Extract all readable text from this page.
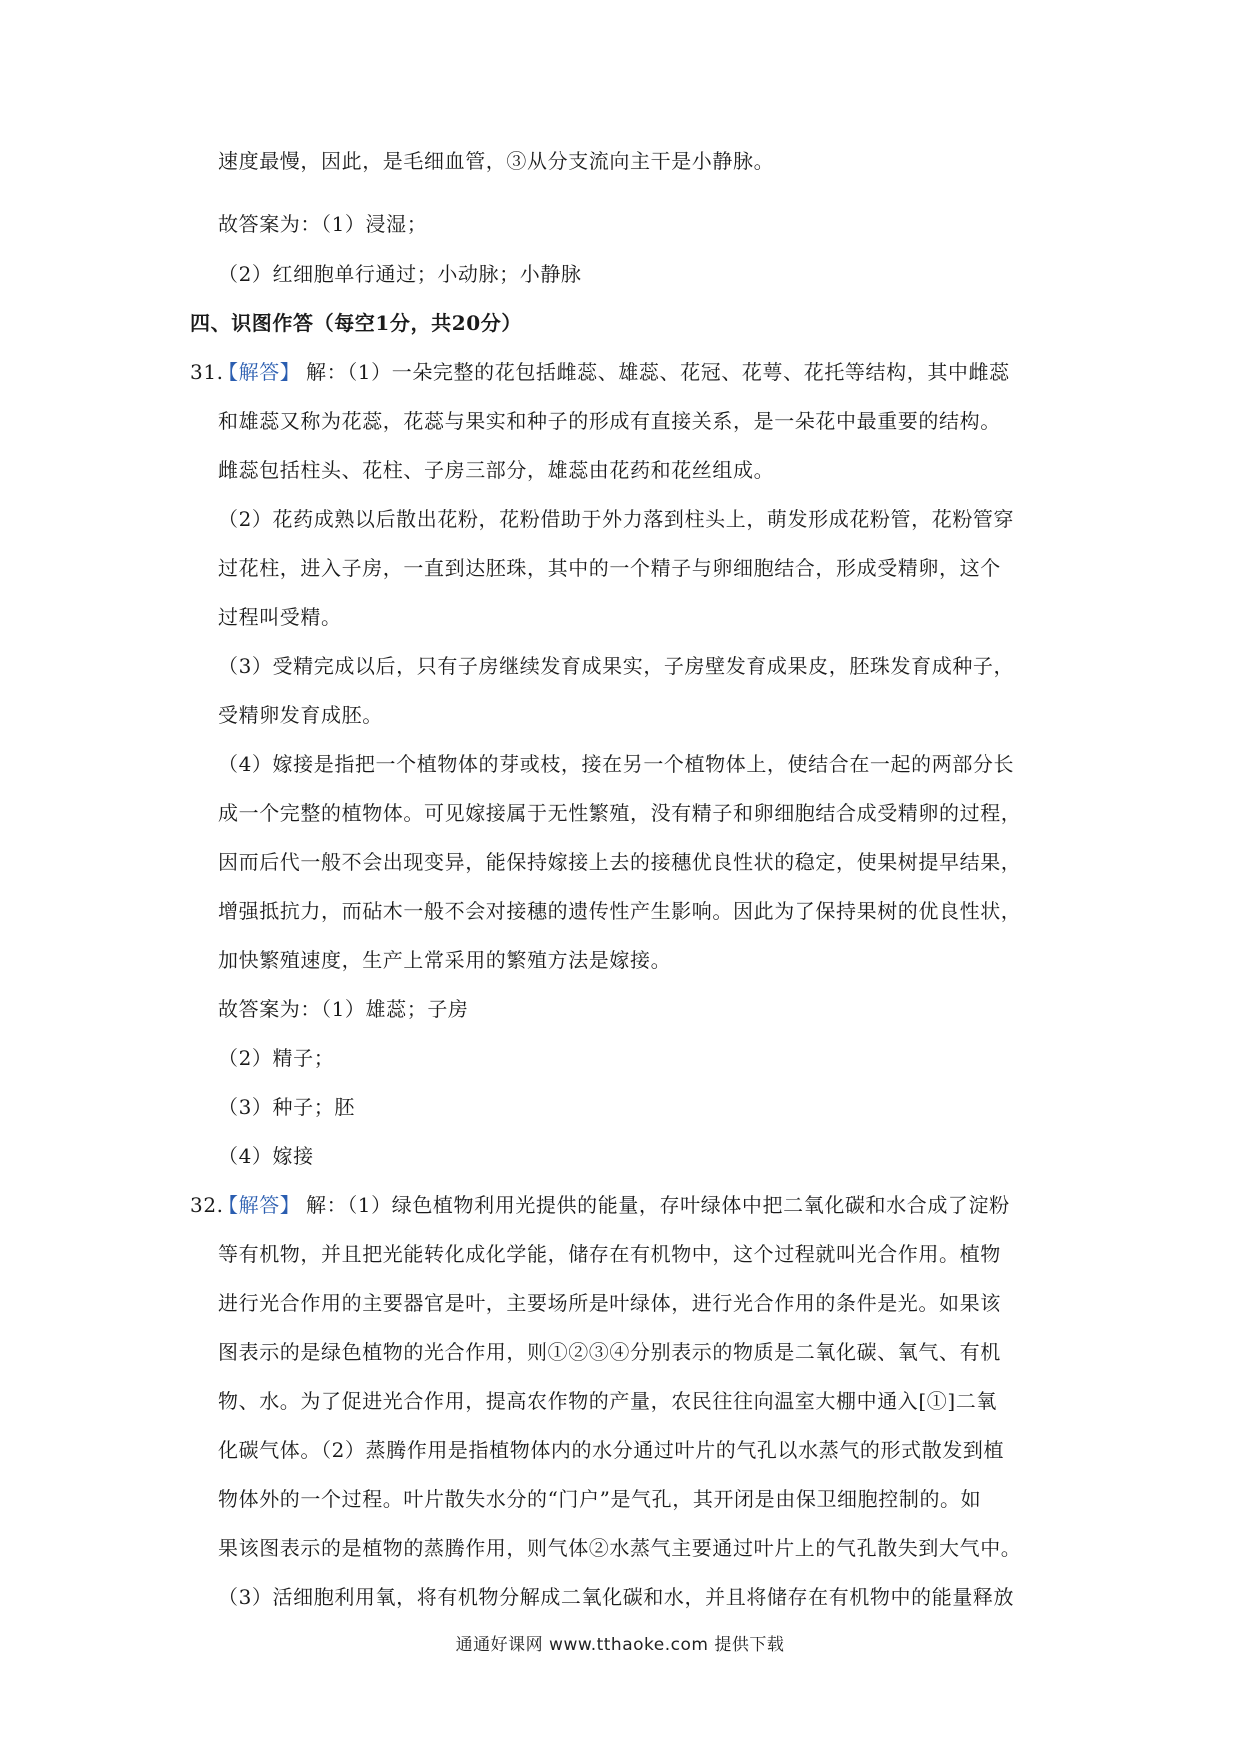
速度最慢，因此，是毛细血管，③从分支流向主干是小静脉。
故答案为：（1）浸湿；
（2）红细胞单行通过；小动脉；小静脉
四、识图作答（每空1分，共20分）
31.
【解答】 解：（1）一朵完整的花包括雌蕊、雄蕊、花冠、花萼、花托等结构，其中雌蕊
和雄蕊又称为花蕊，花蕊与果实和种子的形成有直接关系，是一朵花中最重要的结构。
雌蕊包括柱头、花柱、子房三部分，雄蕊由花药和花丝组成。
（2）花药成熟以后散出花粉，花粉借助于外力落到柱头上，萌发形成花粉管，花粉管穿
过花柱，进入子房，一直到达胚珠，其中的一个精子与卵细胞结合，形成受精卵，这个
过程叫受精。
（3）受精完成以后，只有子房继续发育成果实，子房壁发育成果皮，胚珠发育成种子，
受精卵发育成胚。
（4）嫁接是指把一个植物体的芽或枝，接在另一个植物体上，使结合在一起的两部分长
成一个完整的植物体。可见嫁接属于无性繁殖，没有精子和卵细胞结合成受精卵的过程，
因而后代一般不会出现变异，能保持嫁接上去的接穗优良性状的稳定，使果树提早结果，
增强抵抗力，而砧木一般不会对接穗的遗传性产生影响。因此为了保持果树的优良性状，
加快繁殖速度，生产上常采用的繁殖方法是嫁接。
故答案为：（1）雄蕊；子房
（2）精子；
（3）种子；胚
（4）嫁接
32.
【解答】 解：（1）绿色植物利用光提供的能量，存叶绿体中把二氧化碳和水合成了淀粉
等有机物，并且把光能转化成化学能，储存在有机物中，这个过程就叫光合作用。植物
进行光合作用的主要器官是叶，主要场所是叶绿体，进行光合作用的条件是光。如果该
图表示的是绿色植物的光合作用，则①②③④分别表示的物质是二氧化碳、氧气、有机
物、水。为了促进光合作用，提高农作物的产量，农民往往向温室大棚中通入[①]二氧
化碳气体。（2）蒸腾作用是指植物体内的水分通过叶片的气孔以水蒸气的形式散发到植
物体外的一个过程。叶片散失水分的“门户”是气孔，其开闭是由保卫细胞控制的。如
果该图表示的是植物的蒸腾作用，则气体②水蒸气主要通过叶片上的气孔散失到大气中。
（3）活细胞利用氧，将有机物分解成二氧化碳和水，并且将储存在有机物中的能量释放
通通好课网 www.tthaoke.com 提供下载
